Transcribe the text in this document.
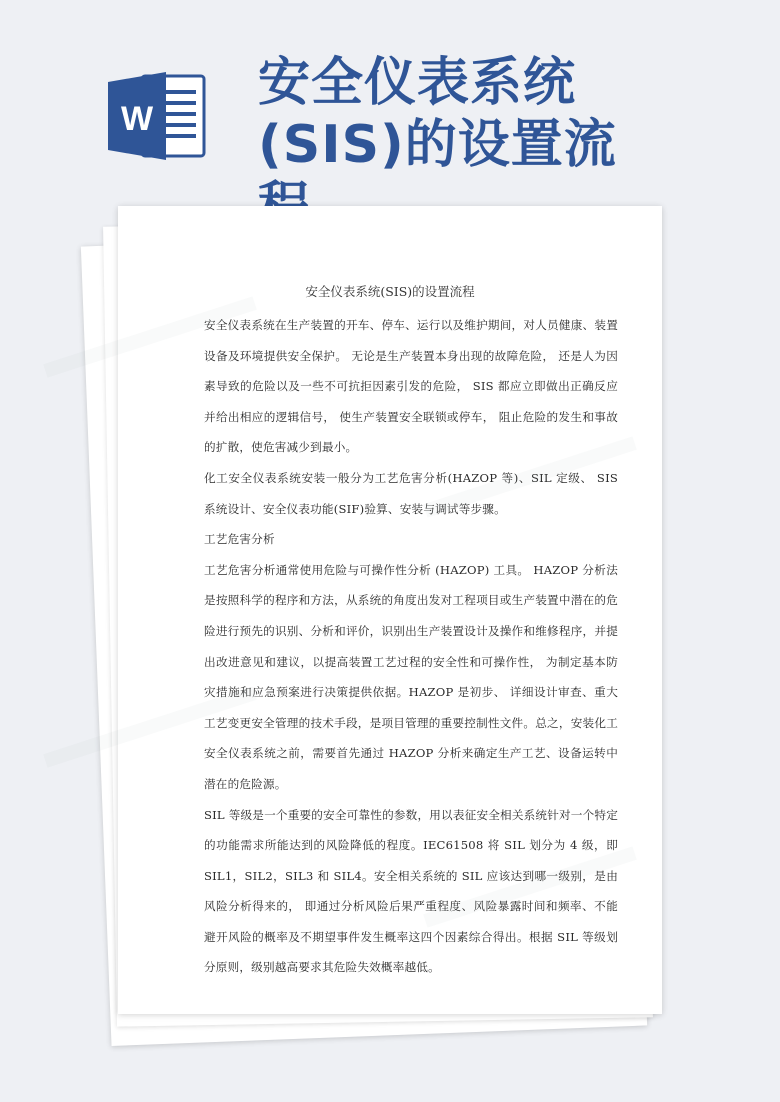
W
安全仪表系统(SIS)的设置流
安全仪表系统(SIS)的设置流程

安全仪表系统在生产装置的开车、停车、运行以及维护期间，对人员健康、装置设备及环境提供安全保护。 无论是生产装置本身出现的故障危险， 还是人为因素导致的危险以及一些不可抗拒因素引发的危险， SIS 都应立即做出正确反应并给出相应的逻辑信号， 使生产装置安全联锁或停车， 阻止危险的发生和事故的扩散，使危害减少到最小。

化工安全仪表系统安装一般分为工艺危害分析(HAZOP 等)、SIL 定级、 SIS 系统设计、安全仪表功能(SIF)验算、安装与调试等步骤。

工艺危害分析

工艺危害分析通常使用危险与可操作性分析 (HAZOP) 工具。 HAZOP 分析法是按照科学的程序和方法，从系统的角度出发对工程项目或生产装置中潜在的危险进行预先的识别、分析和评价，识别出生产装置设计及操作和维修程序，并提出改进意见和建议，以提高装置工艺过程的安全性和可操作性， 为制定基本防灾措施和应急预案进行决策提供依据。HAZOP 是初步、 详细设计审查、重大工艺变更安全管理的技术手段，是项目管理的重要控制性文件。总之，安装化工安全仪表系统之前，需要首先通过 HAZOP 分析来确定生产工艺、设备运转中潜在的危险源。

SIL 等级是一个重要的安全可靠性的参数，用以表征安全相关系统针对一个特定的功能需求所能达到的风险降低的程度。IEC61508 将 SIL 划分为 4 级，即 SIL1，SIL2，SIL3 和 SIL4。安全相关系统的 SIL 应该达到哪一级别，是由风险分析得来的， 即通过分析风险后果严重程度、风险暴露时间和频率、不能避开风险的概率及不期望事件发生概率这四个因素综合得出。根据 SIL 等级划分原则，级别越高要求其危险失效概率越低。
